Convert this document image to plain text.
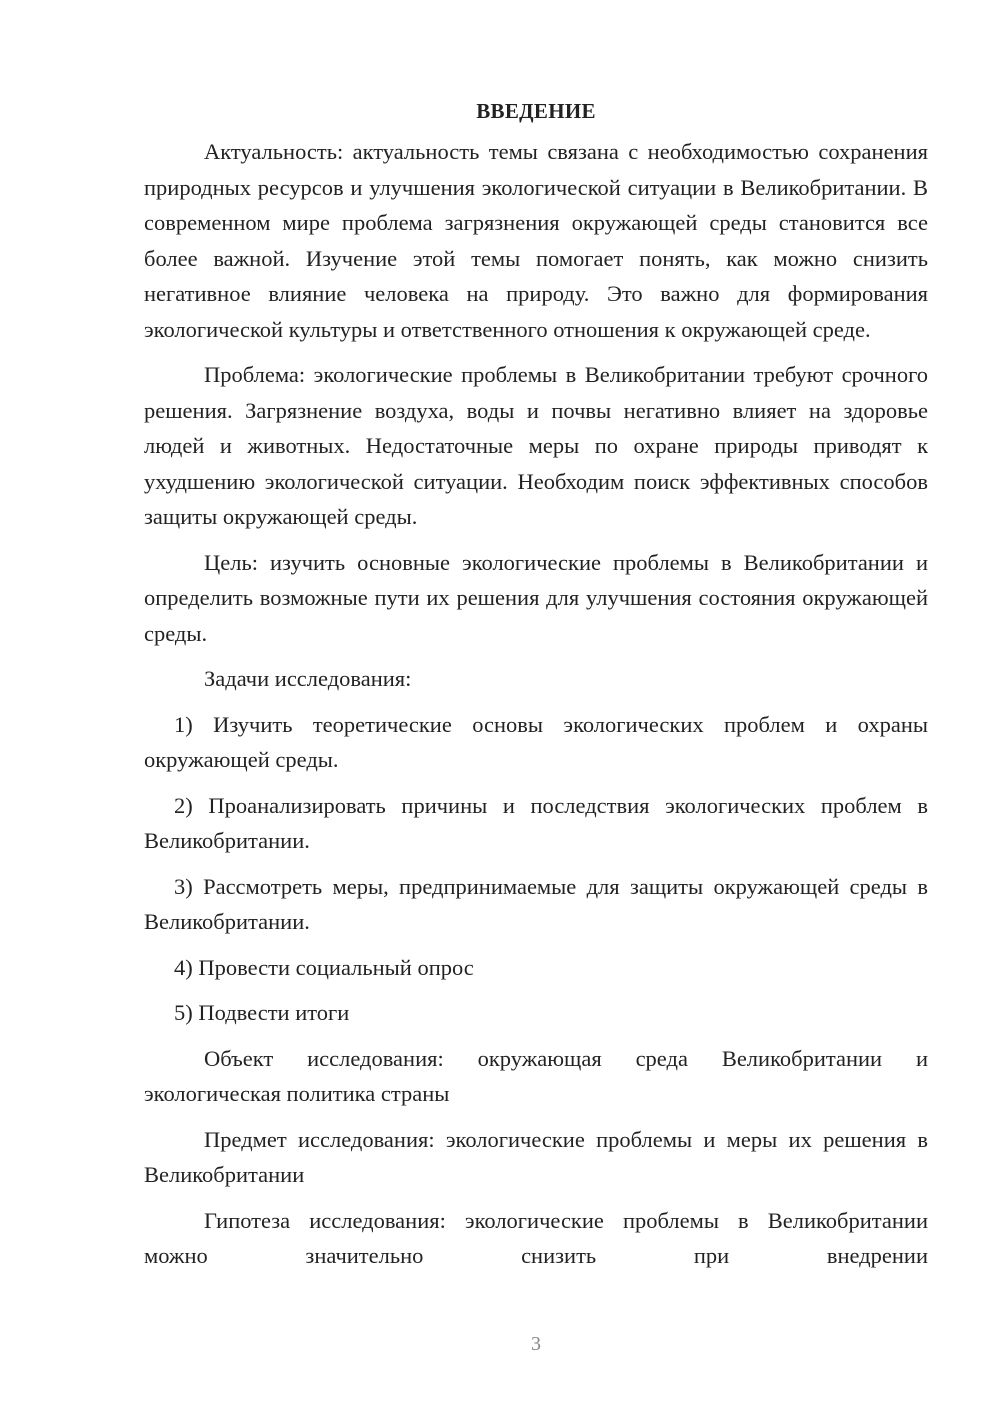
ВВЕДЕНИЕ

Актуальность: актуальность темы связана с необходимостью сохранения природных ресурсов и улучшения экологической ситуации в Великобритании. В современном мире проблема загрязнения окружающей среды становится все более важной. Изучение этой темы помогает понять, как можно снизить негативное влияние человека на природу. Это важно для формирования экологической культуры и ответственного отношения к окружающей среде.

Проблема: экологические проблемы в Великобритании требуют срочного решения. Загрязнение воздуха, воды и почвы негативно влияет на здоровье людей и животных. Недостаточные меры по охране природы приводят к ухудшению экологической ситуации. Необходим поиск эффективных способов защиты окружающей среды.

Цель: изучить основные экологические проблемы в Великобритании и определить возможные пути их решения для улучшения состояния окружающей среды.

Задачи исследования:

1) Изучить теоретические основы экологических проблем и охраны окружающей среды.

2) Проанализировать причины и последствия экологических проблем в Великобритании.

3) Рассмотреть меры, предпринимаемые для защиты окружающей среды в Великобритании.

4) Провести социальный опрос

5) Подвести итоги

Объект исследования: окружающая среда Великобритании и экологическая политика страны

Предмет исследования: экологические проблемы и меры их решения в Великобритании

Гипотеза исследования: экологические проблемы в Великобритании можно значительно снизить при внедрении

3
